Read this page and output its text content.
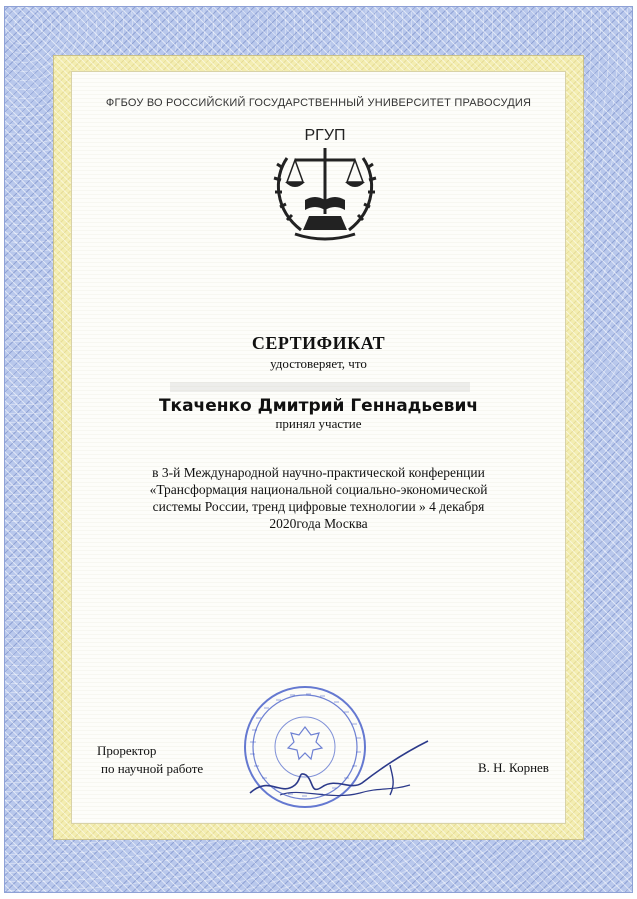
ФГБОУ ВО РОССИЙСКИЙ ГОСУДАРСТВЕННЫЙ УНИВЕРСИТЕТ ПРАВОСУДИЯ
РГУП
СЕРТИФИКАТ
удостоверяет, что
Ткаченко Дмитрий Геннадьевич
принял участие
в 3-й Международной научно-практической конференции
«Трансформация национальной социально-экономической
системы России, тренд цифровые технологии » 4 декабря
2020года Москва
Проректор
по научной работе	В. Н. Корнев
